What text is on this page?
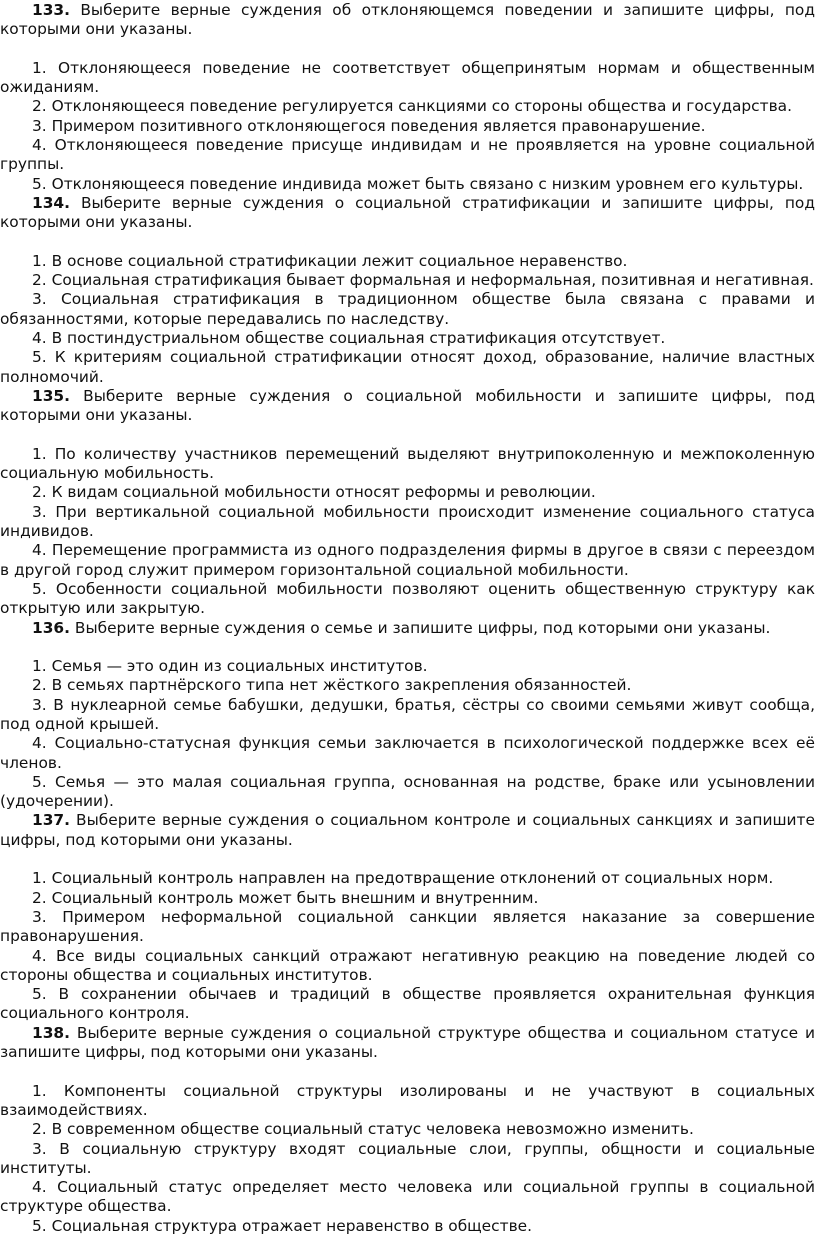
133. Выберите верные суждения об отклоняющемся поведении и запишите цифры, под которыми они указаны.

1. Отклоняющееся поведение не соответствует общепринятым нормам и общественным ожиданиям.

2. Отклоняющееся поведение регулируется санкциями со стороны общества и государства.

3. Примером позитивного отклоняющегося поведения является правонарушение.

4. Отклоняющееся поведение присуще индивидам и не проявляется на уровне социальной группы.

5. Отклоняющееся поведение индивида может быть связано с низким уровнем его культуры.

134. Выберите верные суждения о социальной стратификации и запишите цифры, под которыми они указаны.

1. В основе социальной стратификации лежит социальное неравенство.

2. Социальная стратификация бывает формальная и неформальная, позитивная и негативная.

3. Социальная стратификация в традиционном обществе была связана с правами и обязанностями, которые передавались по наследству.

4. В постиндустриальном обществе социальная стратификация отсутствует.

5. К критериям социальной стратификации относят доход, образование, наличие властных полномочий.

135. Выберите верные суждения о социальной мобильности и запишите цифры, под которыми они указаны.

1. По количеству участников перемещений выделяют внутрипоколенную и межпоколенную социальную мобильность.

2. К видам социальной мобильности относят реформы и революции.

3. При вертикальной социальной мобильности происходит изменение социального статуса индивидов.

4. Перемещение программиста из одного подразделения фирмы в другое в связи с переездом в другой город служит примером горизонтальной социальной мобильности.

5. Особенности социальной мобильности позволяют оценить общественную структуру как открытую или закрытую.

136. Выберите верные суждения о семье и запишите цифры, под которыми они указаны.

1. Семья — это один из социальных институтов.

2. В семьях партнёрского типа нет жёсткого закрепления обязанностей.

3. В нуклеарной семье бабушки, дедушки, братья, сёстры со своими семьями живут сообща, под одной крышей.

4. Социально-статусная функция семьи заключается в психологической поддержке всех её членов.

5. Семья — это малая социальная группа, основанная на родстве, браке или усыновлении (удочерении).

137. Выберите верные суждения о социальном контроле и социальных санкциях и запишите цифры, под которыми они указаны.

1. Социальный контроль направлен на предотвращение отклонений от социальных норм.

2. Социальный контроль может быть внешним и внутренним.

3. Примером неформальной социальной санкции является наказание за совершение правонарушения.

4. Все виды социальных санкций отражают негативную реакцию на поведение людей со стороны общества и социальных институтов.

5. В сохранении обычаев и традиций в обществе проявляется охранительная функция социального контроля.

138. Выберите верные суждения о социальной структуре общества и социальном статусе и запишите цифры, под которыми они указаны.

1. Компоненты социальной структуры изолированы и не участвуют в социальных взаимодействиях.

2. В современном обществе социальный статус человека невозможно изменить.

3. В социальную структуру входят социальные слои, группы, общности и социальные институты.

4. Социальный статус определяет место человека или социальной группы в социальной структуре общества.

5. Социальная структура отражает неравенство в обществе.
